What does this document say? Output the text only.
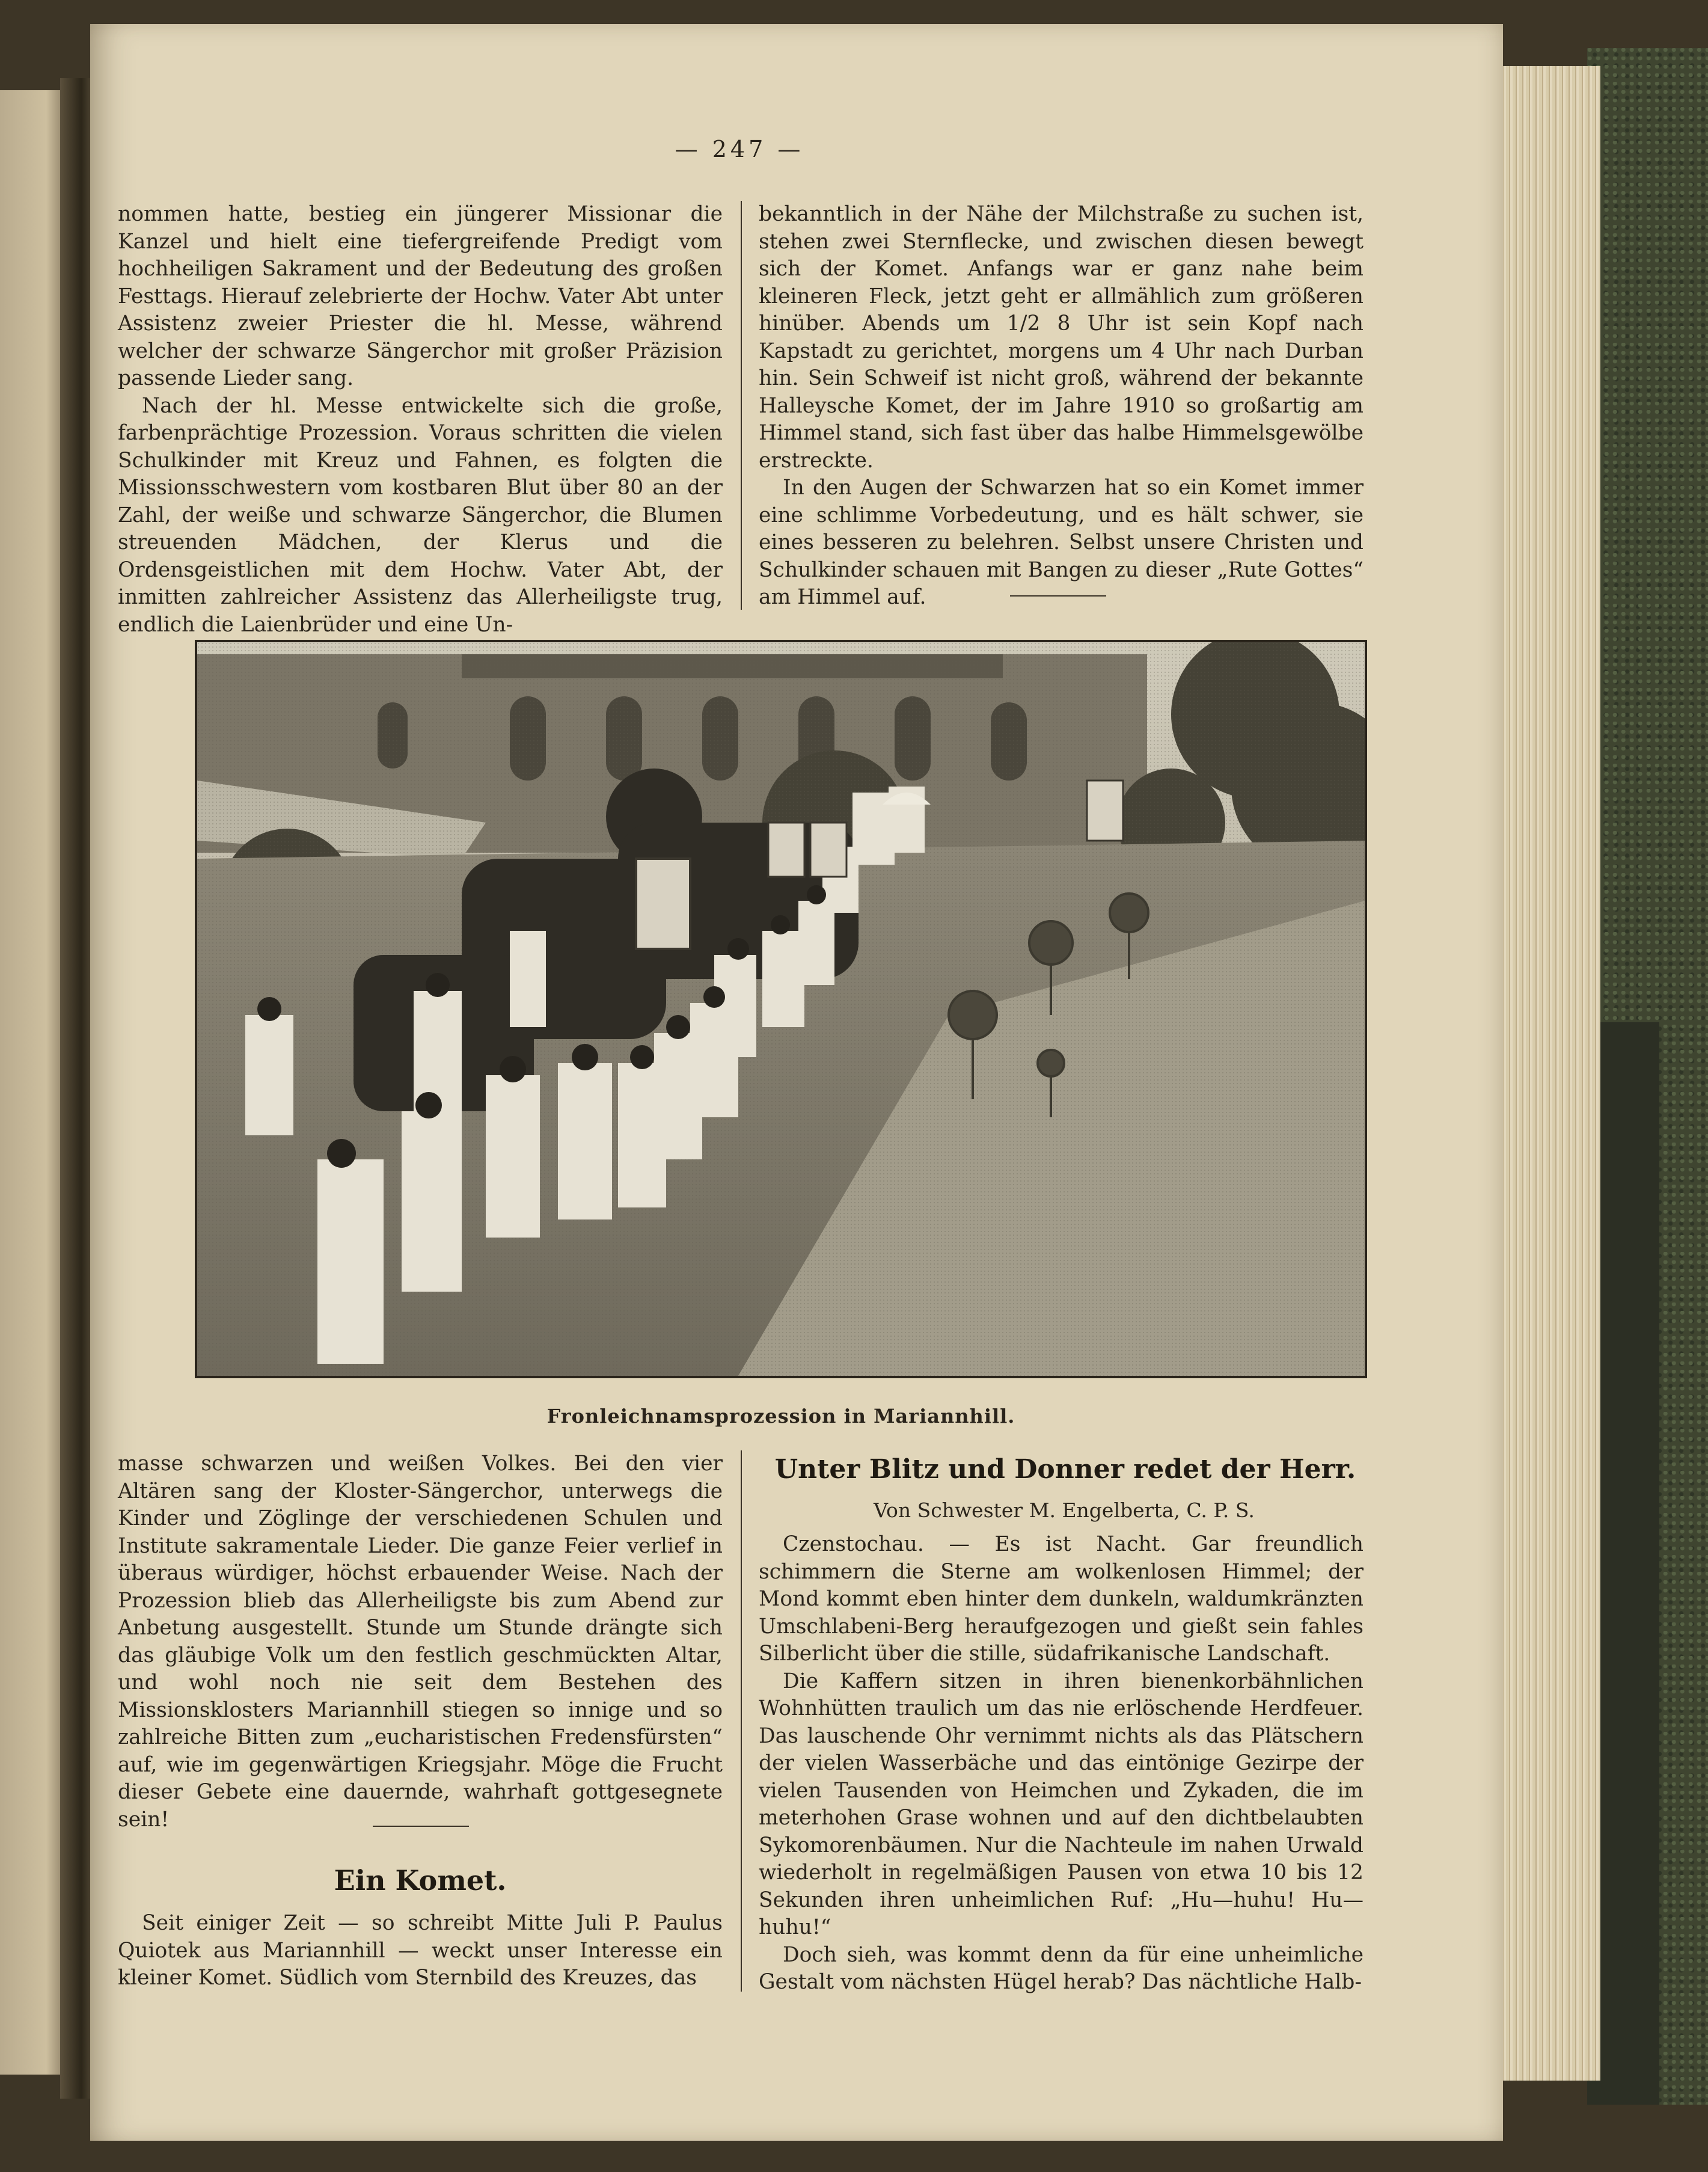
— 247 —

nommen hatte, bestieg ein jüngerer Missionar die Kanzel und hielt eine tiefergreifende Predigt vom hochheiligen Sakrament und der Bedeutung des großen Festtags. Hierauf zelebrierte der Hochw. Vater Abt unter Assistenz zweier Priester die hl. Messe, während welcher der schwarze Sängerchor mit großer Präzision passende Lieder sang.

Nach der hl. Messe entwickelte sich die große, farbenprächtige Prozession. Voraus schritten die vielen Schulkinder mit Kreuz und Fahnen, es folgten die Missionsschwestern vom kostbaren Blut über 80 an der Zahl, der weiße und schwarze Sängerchor, die Blumen streuenden Mädchen, der Klerus und die Ordensgeistlichen mit dem Hochw. Vater Abt, der inmitten zahlreicher Assistenz das Allerheiligste trug, endlich die Laienbrüder und eine Un-

bekanntlich in der Nähe der Milchstraße zu suchen ist, stehen zwei Sternflecke, und zwischen diesen bewegt sich der Komet. Anfangs war er ganz nahe beim kleineren Fleck, jetzt geht er allmählich zum größeren hinüber. Abends um 1/2 8 Uhr ist sein Kopf nach Kapstadt zu gerichtet, morgens um 4 Uhr nach Durban hin. Sein Schweif ist nicht groß, während der bekannte Halleysche Komet, der im Jahre 1910 so großartig am Himmel stand, sich fast über das halbe Himmelsgewölbe erstreckte.

In den Augen der Schwarzen hat so ein Komet immer eine schlimme Vorbedeutung, und es hält schwer, sie eines besseren zu belehren. Selbst unsere Christen und Schulkinder schauen mit Bangen zu dieser „Rute Gottes“ am Himmel auf.

Fronleichnamsprozession in Mariannhill.

masse schwarzen und weißen Volkes. Bei den vier Altären sang der Kloster-Sängerchor, unterwegs die Kinder und Zöglinge der verschiedenen Schulen und Institute sakramentale Lieder. Die ganze Feier verlief in überaus würdiger, höchst erbauender Weise. Nach der Prozession blieb das Allerheiligste bis zum Abend zur Anbetung ausgestellt. Stunde um Stunde drängte sich das gläubige Volk um den festlich geschmückten Altar, und wohl noch nie seit dem Bestehen des Missionsklosters Mariannhill stiegen so innige und so zahlreiche Bitten zum „eucharistischen Fredensfürsten“ auf, wie im gegenwärtigen Kriegsjahr. Möge die Frucht dieser Gebete eine dauernde, wahrhaft gottgesegnete sein!

Ein Komet.

Seit einiger Zeit — so schreibt Mitte Juli P. Paulus Quiotek aus Mariannhill — weckt unser Interesse ein kleiner Komet. Südlich vom Sternbild des Kreuzes, das

Unter Blitz und Donner redet der Herr.
Von Schwester M. Engelberta, C. P. S.

Czenstochau. — Es ist Nacht. Gar freundlich schimmern die Sterne am wolkenlosen Himmel; der Mond kommt eben hinter dem dunkeln, waldumkränzten Umschlabeni-Berg heraufgezogen und gießt sein fahles Silberlicht über die stille, südafrikanische Landschaft.

Die Kaffern sitzen in ihren bienenkorbähnlichen Wohnhütten traulich um das nie erlöschende Herdfeuer. Das lauschende Ohr vernimmt nichts als das Plätschern der vielen Wasserbäche und das eintönige Gezirpe der vielen Tausenden von Heimchen und Zykaden, die im meterhohen Grase wohnen und auf den dichtbelaubten Sykomorenbäumen. Nur die Nachteule im nahen Urwald wiederholt in regelmäßigen Pausen von etwa 10 bis 12 Sekunden ihren unheimlichen Ruf: „Hu—huhu! Hu—huhu!“

Doch sieh, was kommt denn da für eine unheimliche Gestalt vom nächsten Hügel herab? Das nächtliche Halb-
